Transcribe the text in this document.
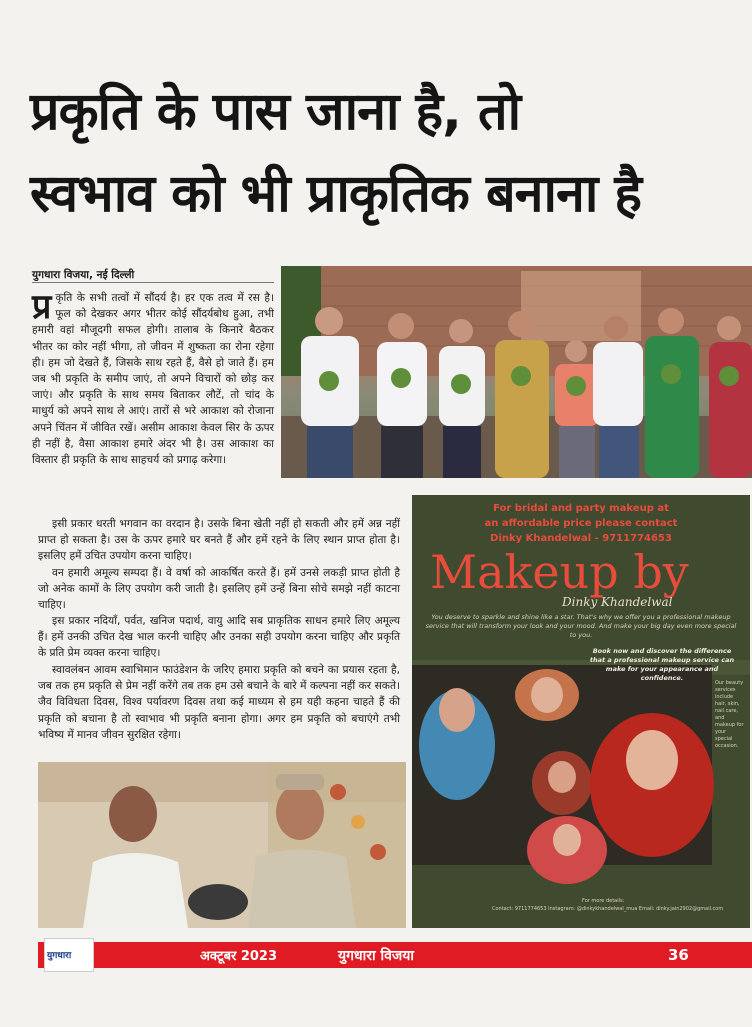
प्रकृति के पास जाना है, तो
स्वभाव को भी प्राकृतिक बनाना है
युगधारा विजया, नई दिल्ली
प्र कृति के सभी तत्वों में सौंदर्य है। हर एक तत्व में रस है। फूल को देखकर अगर भीतर कोई सौंदर्यबोध हुआ, तभी हमारी वहां मौजूदगी सफल होगी। तालाब के किनारे बैठकर भीतर का कोर नहीं भीगा, तो जीवन में शुष्कता का रोना रहेगा ही। हम जो देखते हैं, जिसके साथ रहते हैं, वैसे हो जाते हैं। हम जब भी प्रकृति के समीप जाएं, तो अपने विचारों को छोड़ कर जाएं। और प्रकृति के साथ समय बिताकर लौटें, तो चांद के माधुर्य को अपने साथ ले आएं। तारों से भरे आकाश को रोजाना अपने चिंतन में जीवित रखें। असीम आकाश केवल सिर के ऊपर ही नहीं है, वैसा आकाश हमारे अंदर भी है। उस आकाश का विस्तार ही प्रकृति के साथ साहचर्य को प्रगाढ़ करेगा।
इसी प्रकार धरती भगवान का वरदान है। उसके बिना खेती नहीं हो सकती और हमें अन्न नहीं प्राप्त हो सकता है। उस के ऊपर हमारे घर बनते हैं और हमें रहने के लिए स्थान प्राप्त होता है। इसलिए हमें उचित उपयोग करना चाहिए।
वन हमारी अमूल्य सम्पदा हैं। वे वर्षा को आकर्षित करते हैं। हमें उनसे लकड़ी प्राप्त होती है जो अनेक कामों के लिए उपयोग करी जाती है। इसलिए हमें उन्हें बिना सोचे समझे नहीं काटना चाहिए।
इस प्रकार नदियाँ, पर्वत, खनिज पदार्थ, वायु आदि सब प्राकृतिक साधन हमारे लिए अमूल्य हैं। हमें उनकी उचित देख भाल करनी चाहिए और उनका सही उपयोग करना चाहिए और प्रकृति के प्रति प्रेम व्यक्त करना चाहिए।
स्वावलंबन आवम स्वाभिमान फाउंडेशन के जरिए हमारा प्रकृति को बचने का प्रयास रहता है, जब तक हम प्रकृति से प्रेम नहीं करेंगे तब तक हम उसे बचाने के बारे में कल्पना नहीं कर सकते। जैव विविधता दिवस, विश्व पर्यावरण दिवस तथा कई माध्यम से हम यही कहना चाहते हैं की प्रकृति को बचाना है तो स्वाभाव भी प्रकृति बनाना होगा। अगर हम प्रकृति को बचाएंगे तभी भविष्य में मानव जीवन सुरक्षित रहेगा।
For bridal and party makeup at
an affordable price please contact
Dinky Khandelwal - 9711774653
Makeup by
Dinky Khandelwal
You deserve to sparkle and shine like a star. That's why we offer you a professional makeup service that will transform your look and your mood. And make your big day even more special to you.
Book now and discover the difference that a professional makeup service can make for your appearance and confidence.
Our beauty services include hair, skin, nail care, and makeup for your special occasion.
For more details:
Contact: 9711774653 Instagram: @dinkykhandelwal_mua Email: dinky.jain2902@gmail.com
अक्टूबर 2023	युगधारा विजया	36
युगधारा
